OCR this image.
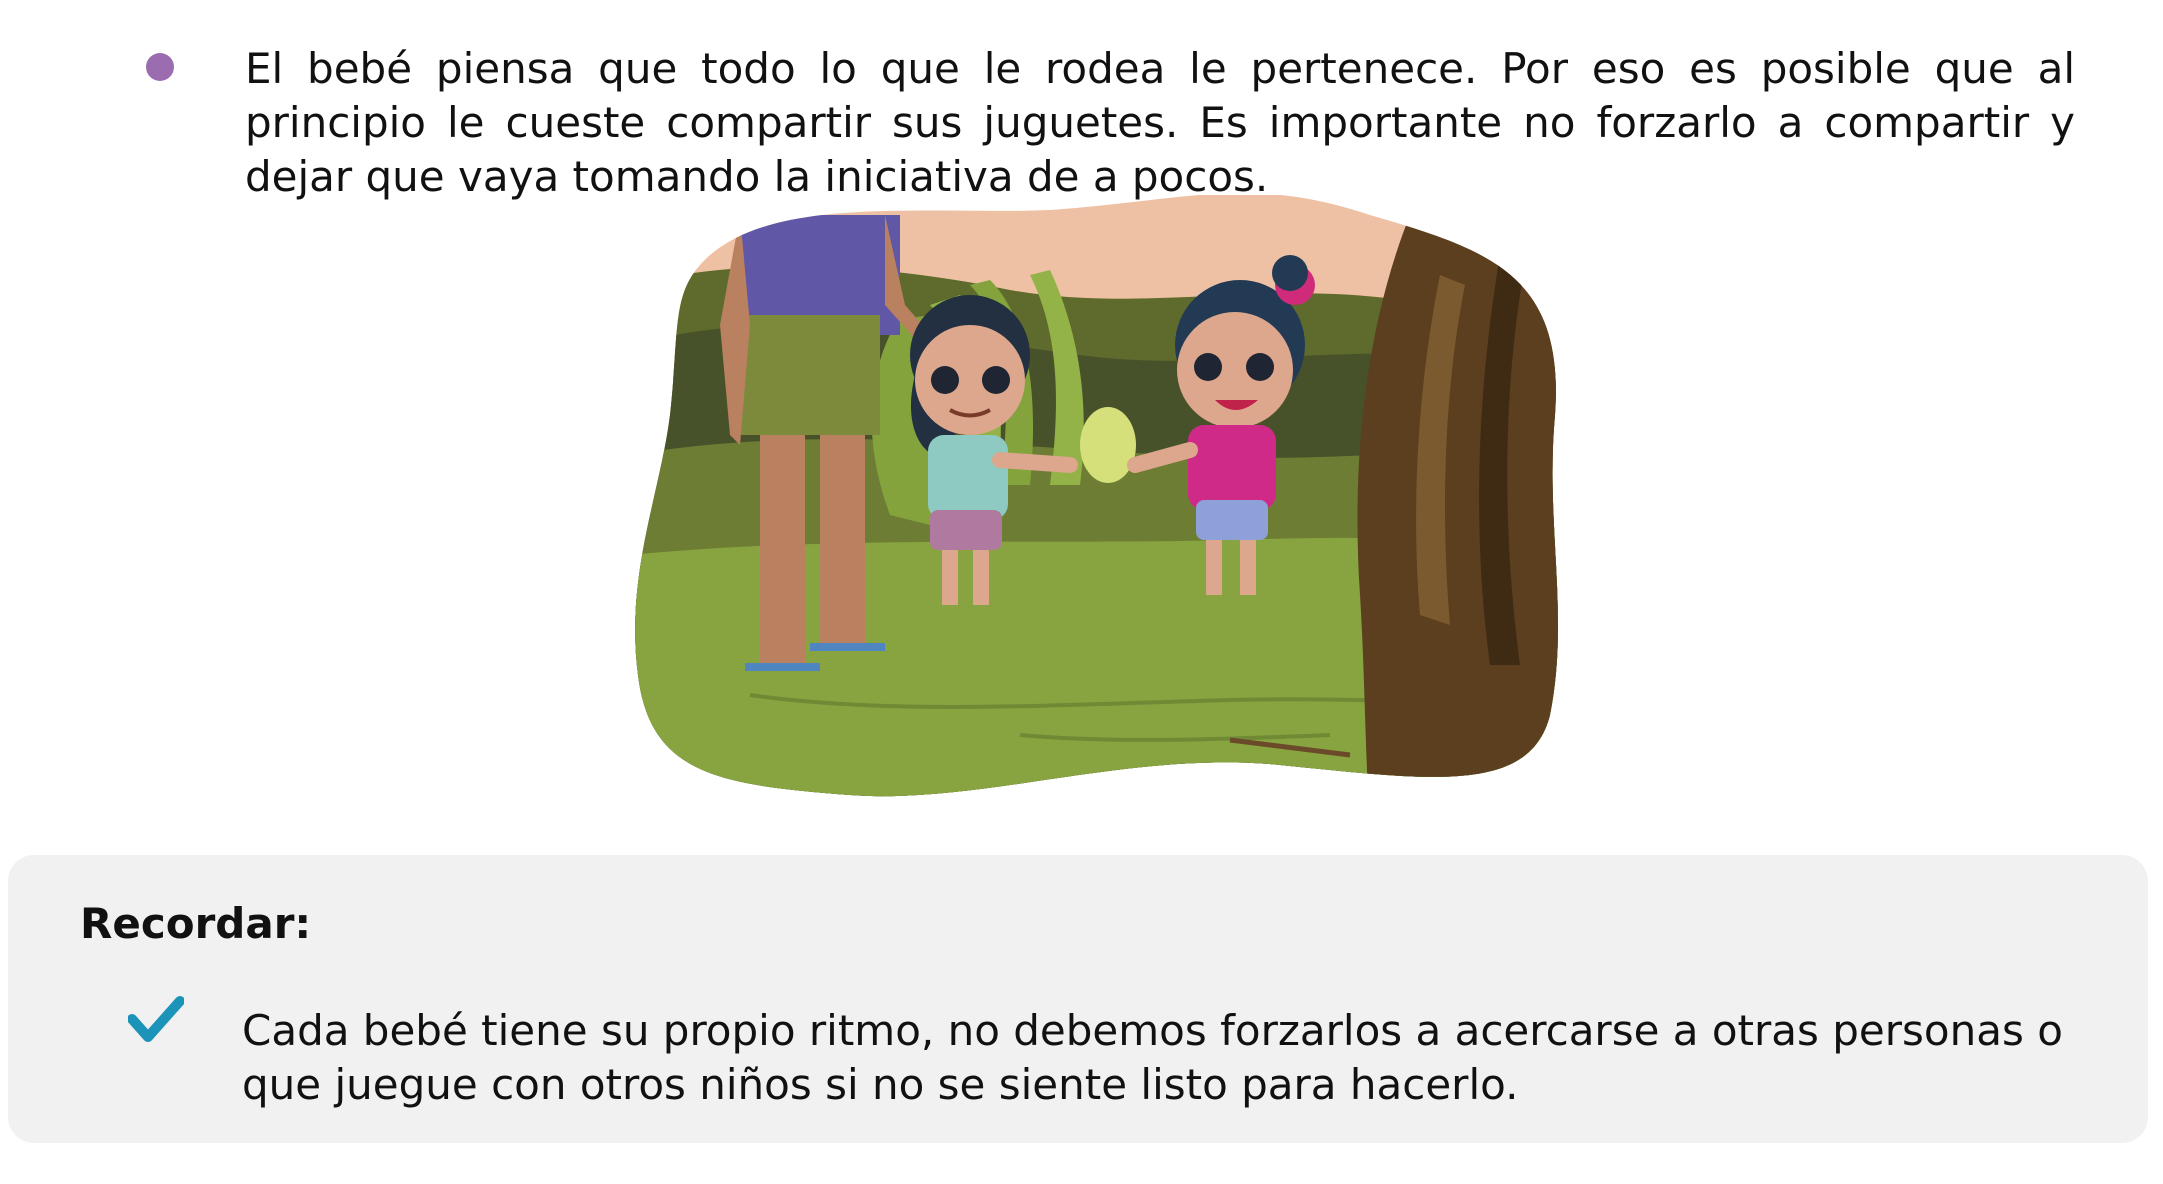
El bebé piensa que todo lo que le rodea le pertenece. Por eso es posible que al principio le cueste compartir sus juguetes. Es importante no forzarlo a compartir y dejar que vaya tomando la iniciativa de a pocos.

Recordar:

Cada bebé tiene su propio ritmo, no debemos forzarlos a acercarse a otras personas o que juegue con otros niños si no se siente listo para hacerlo.
